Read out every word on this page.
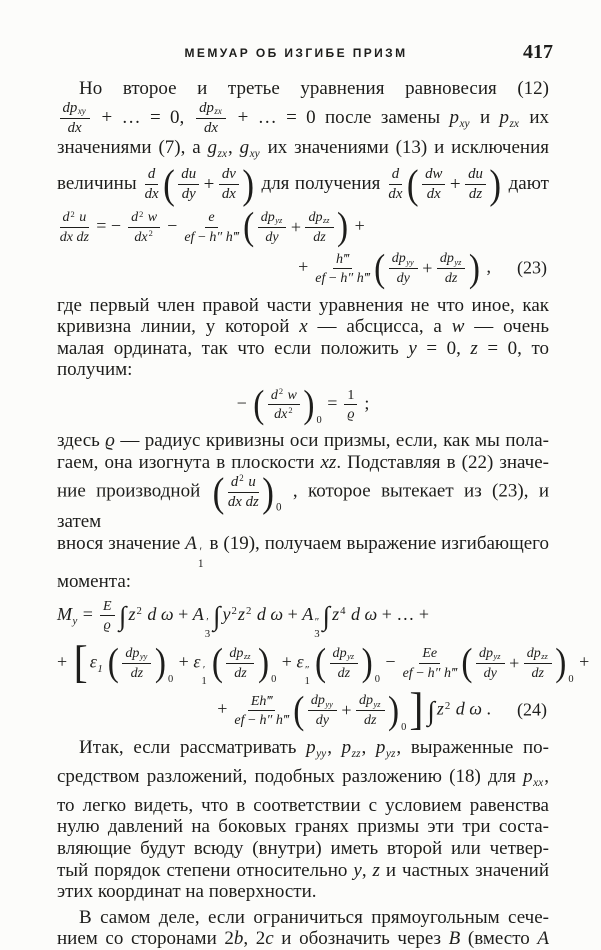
МЕМУАР ОБ ИЗГИБЕ ПРИЗМ	417
Но второе и третье уравнения равновесия (12)
dpxy
dx
+ … = 0, dpzx
dx
+ … = 0 после замены $p_{xy}$ и $p_{zx}$ их
значениями (7), а $g_{zx}$, $g_{xy}$ их значениями (13) и исключения
величины $\frac{d}{dx}$ ( $\frac{du}{dy} + \frac{dv}{dx}$ ) для получения $\frac{d}{dx}$ ( $\frac{dw}{dx} + \frac{du}{dz}$ ) дают
$\frac{d^2 u}{\text{dx dz}}$ = − $\frac{d^2 w}{dx^2} - \frac{e}{ef - h'' h‴}$ ( dpyz
dy
+ dpzz
dz ) +
+ $\frac{h‴}{ef - h'' h‴}$ ( dpyy
dy
+ dpyz
dz ) , (23)
где первый член правой части уравнения не что иное, как
кривизна линии, у которой x — абсцисса, а w — очень
малая ордината, так что если положить y = 0, z = 0, то
получим:
− ( $\frac{d^2 w}{dx^2}$ ) 0
= $\frac{1}{ϱ}$ ;
здесь ϱ — радиус кривизны оси призмы, если, как мы пола-
гаем, она изогнута в плоскости xz. Подставляя в (22) значе-
ние производной ( $\frac{d^2 u}{\text{dx dz}}$ ) 0
, которое вытекает из (23), и затем
внося значение A ′
1
в (19), получаем выражение изгибающего
момента:
$M_y = \frac{E}{ϱ}$ ∫ $z^2$ d ω + A ′
3
∫ $y^2z^2$ d ω + A ″
3
∫ $z^4$ d ω + … +
+ [ $\varepsilon_1$ ( dpyy
dz ) 0
+ ε ′
1 ( dpzz
dz ) 0
+ ε ″
1 ( dpyz
dz ) 0
− $\frac{Ee}{ef - h'' h‴}$ ( dpyz
dy
+ dpzz
dz ) 0
+
+ $\frac{Eh‴}{ef - h'' h‴}$ ( dpyy
dy
+ dpyz
dz ) 0 ] ∫ $z^2$ d ω . (24)
Итак, если рассматривать $p_{yy}$, $p_{zz}$, $p_{yz}$, выраженные по-
средством разложений, подобных разложению (18) для $p_{xx}$,
то легко видеть, что в соответствии с условием равенства
нулю давлений на боковых гранях призмы эти три соста-
вляющие будут всюду (внутри) иметь второй или четвер-
тый порядок степени относительно y, z и частных значений
этих координат на поверхности.
В самом деле, если ограничиться прямоугольным сече-
нием со сторонами 2b, 2c и обозначить через B (вместо A
